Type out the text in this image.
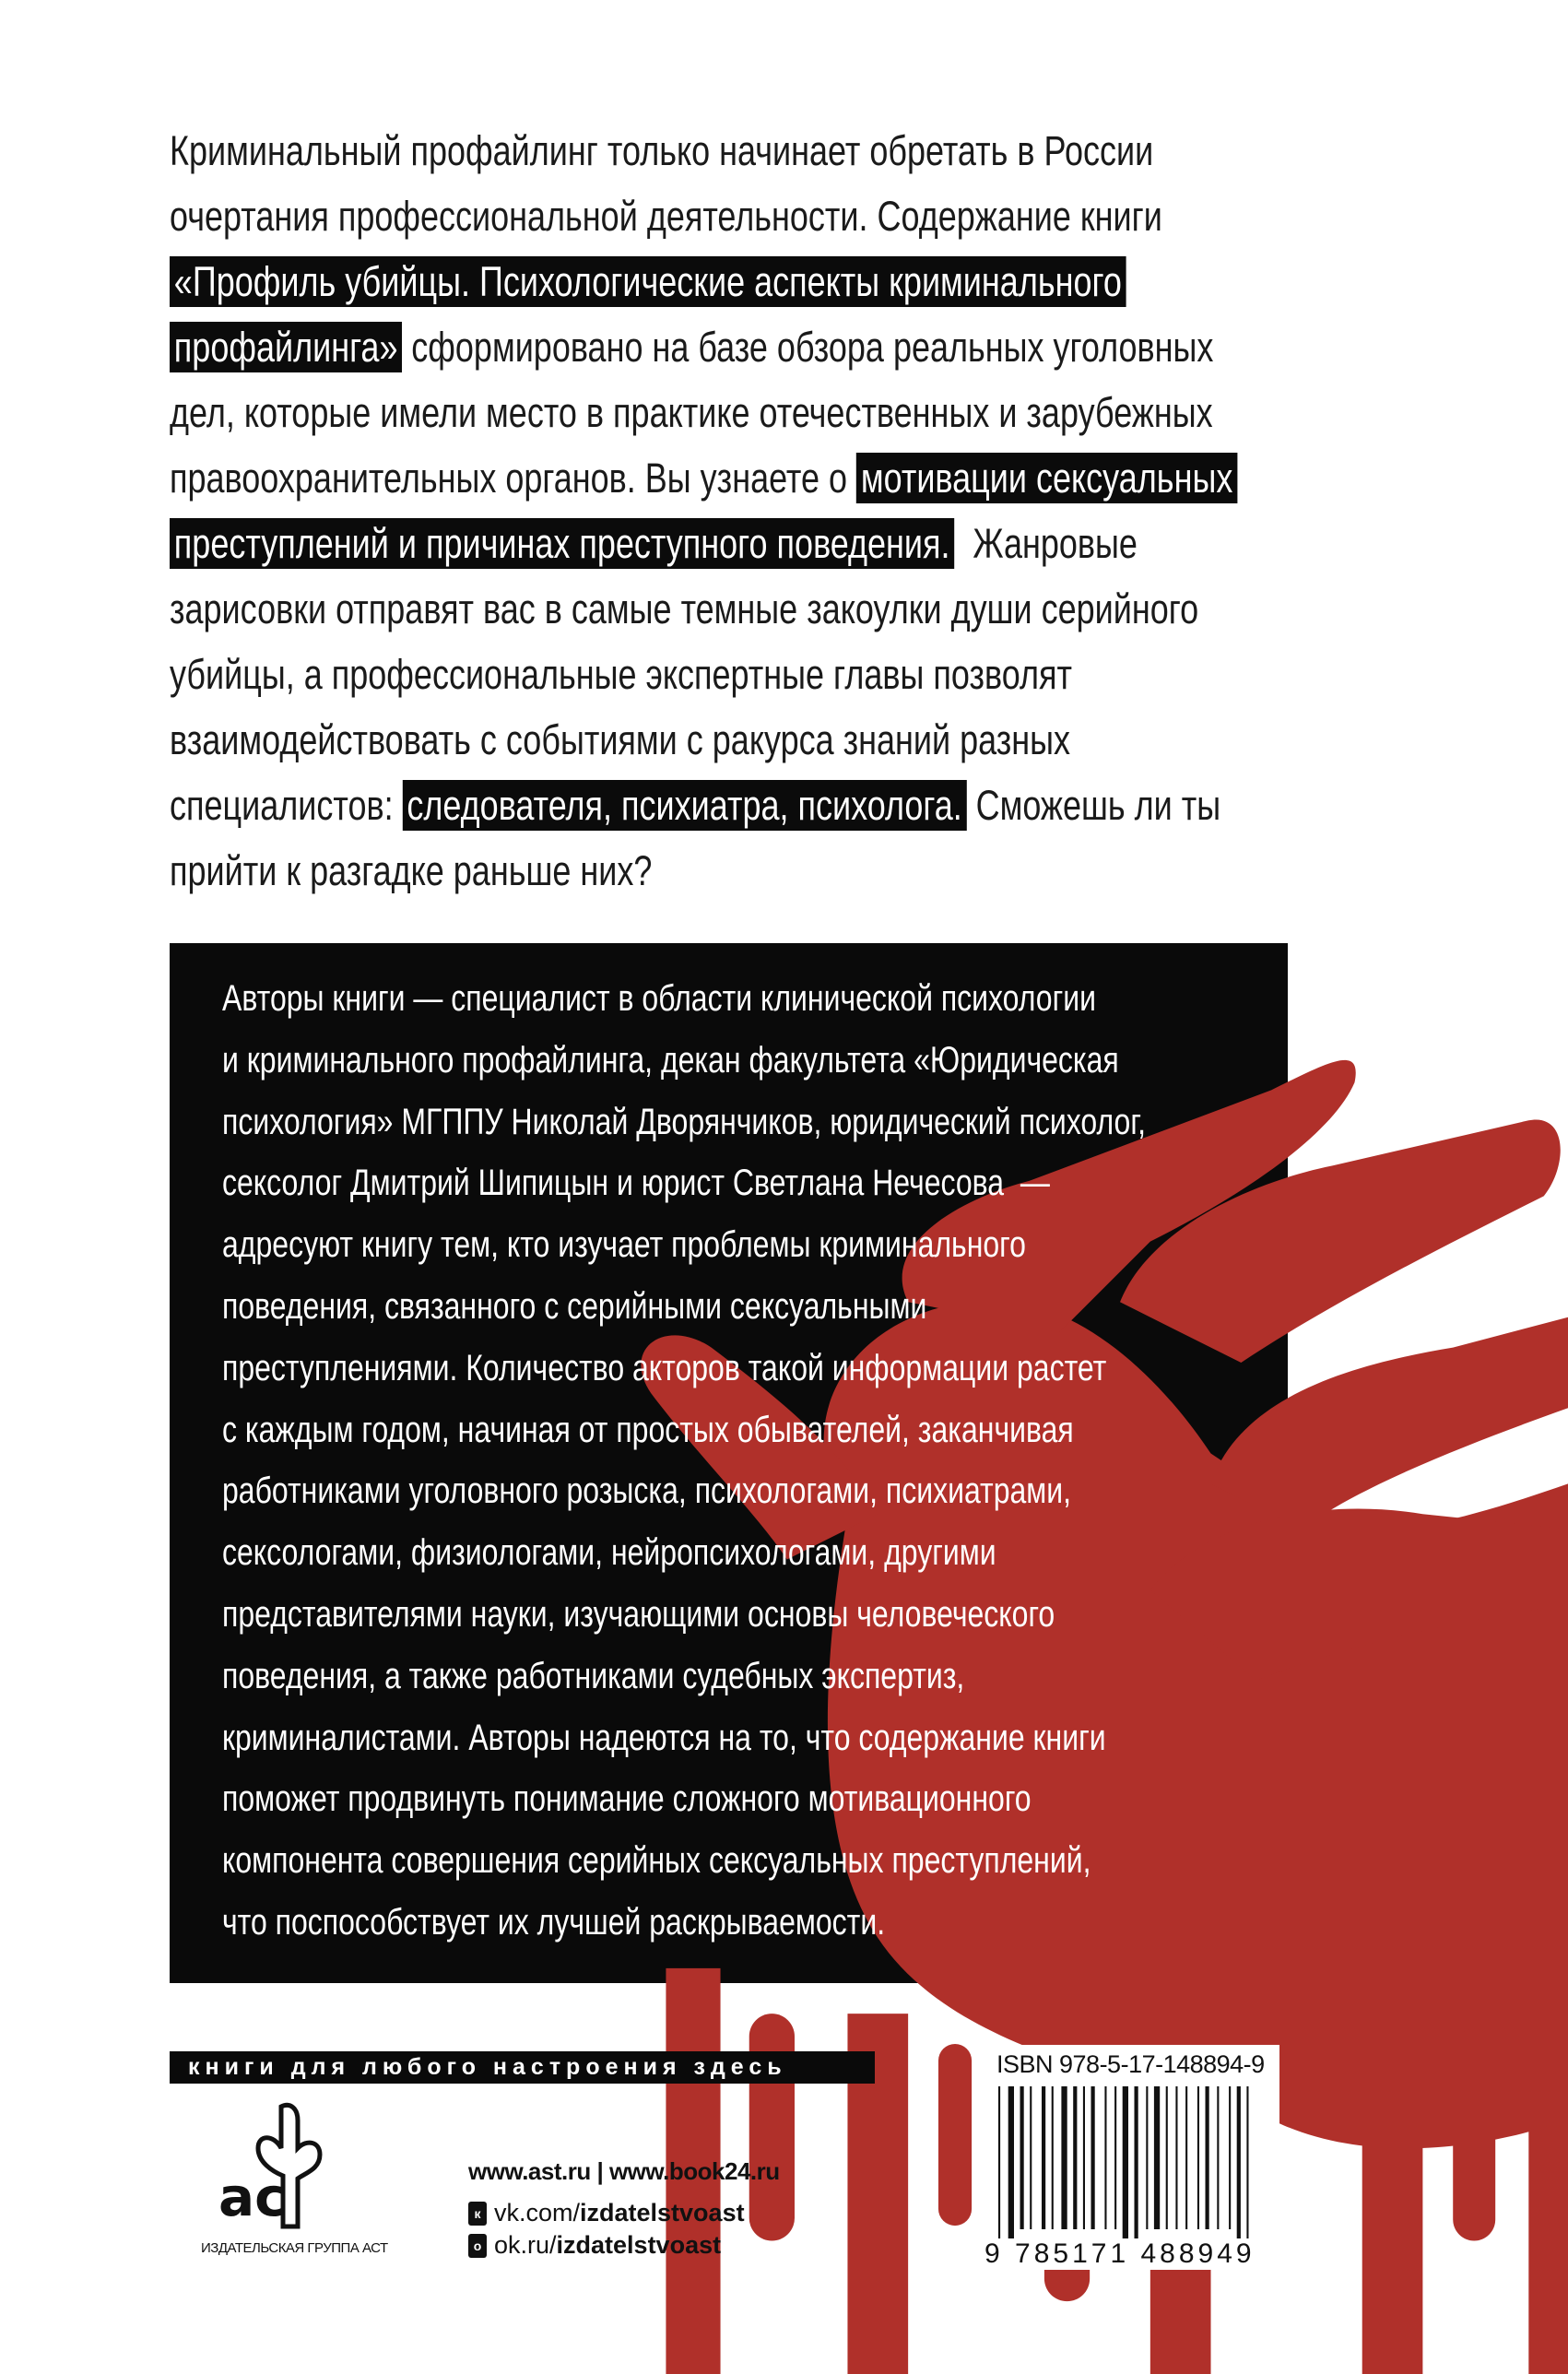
Криминальный профайлинг только начинает обретать в России
очертания профессиональной деятельности. Содержание книги
«Профиль убийцы. Психологические аспекты криминального
профайлинга» сформировано на базе обзора реальных уголовных
дел, которые имели место в практике отечественных и зарубежных
правоохранительных органов. Вы узнаете о мотивации сексуальных
преступлений и причинах преступного поведения.  Жанровые
зарисовки отправят вас в самые темные закоулки души серийного
убийцы, а профессиональные экспертные главы позволят
взаимодействовать с событиями с ракурса знаний разных
специалистов: следователя, психиатра, психолога. Сможешь ли ты
прийти к разгадке раньше них?
Авторы книги — специалист в области клинической психологии
и криминального профайлинга, декан факультета «Юридическая
психология» МГППУ Николай Дворянчиков, юридический психолог,
сексолог Дмитрий Шипицын и юрист Светлана Нечесова  —
адресуют книгу тем, кто изучает проблемы криминального
поведения, связанного с серийными сексуальными
преступлениями. Количество акторов такой информации растет
с каждым годом, начиная от простых обывателей, заканчивая
работниками уголовного розыска, психологами, психиатрами,
сексологами, физиологами, нейропсихологами, другими
представителями науки, изучающими основы человеческого
поведения, а также работниками судебных экспертиз,
криминалистами. Авторы надеются на то, что содержание книги
поможет продвинуть понимание сложного мотивационного
компонента совершения серийных сексуальных преступлений,
что поспособствует их лучшей раскрываемости.
книги для любого настроения здесь
ac
ИЗДАТЕЛЬСКАЯ ГРУППА АСТ
www.ast.ru | www.book24.ru
к vk.com/izdatelstvoast
о ok.ru/izdatelstvoast
ISBN 978-5-17-148894-9
9 785171 488949
